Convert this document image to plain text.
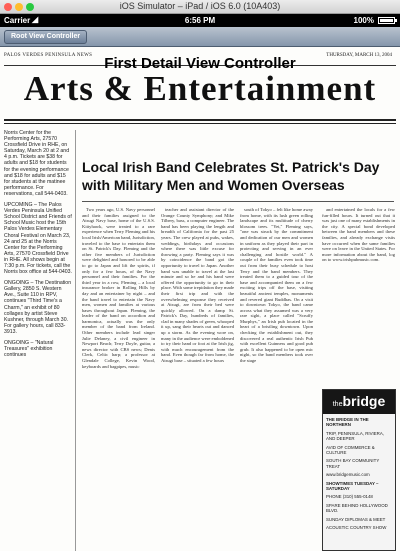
iOS Simulator – iPad / iOS 6.0 (10A403)
Carrier ◢	6:56 PM	100%
Root View Controller
PALOS VERDES PENINSULA NEWS	THURSDAY, MARCH 13, 2004
Arts & Entertainment

Norris Center for the Performing Arts, 27570 Crossfield Drive in RHE, on Saturday, March 20 at 2 and 4 p.m. Tickets are $38 for adults and $18 for students for the evening performance and $18 for adults and $15 for students at the matinee performance. For reservations, call 544-0403.

UPCOMING – The Palos Verdes Peninsula Unified School District and Friends of School Music host the 15th Palos Verdes Elementary Choral Festival on March 23, 24 and 25 at the Norris Center for the Performing Arts, 27570 Crossfield Drive in RHE. All shows begin at 7:30 p.m. For tickets, call the Norris box office at 544-0403.

ONGOING – The Destination Gallery, 2850 S. Western Ave., Suite 110 in RPV, continues "Third Time's a Charm," an exhibit of 80 collages by artist Steve Kushner, through March 30. For gallery hours, call 833-3913.

ONGOING – "Natural Treasures" exhibition continues

Local Irish Band Celebrates St. Patrick's Day with Military Men and Women Overseas

Two years ago, U.S. Navy personnel and their families assigned to the Atsugi Navy base, home of the U.S.S. Kittyhawk, were treated to a rare experience when Terry Fleming and his local Irish/American band, Jurisdiction, traveled to the base to entertain them on St. Patrick's Day. Fleming and the other five members of Jurisdiction were delighted and honored to be able to go to Japan and lift the spirits, if only for a few hours, of the Navy personnel and their families. For the third year in a row, Fleming – a local insurance broker in Rolling Hills by day and an entertainer by night – and the band travel to entertain the Navy men, women and families at various bases throughout Japan. Fleming, the leader of the band on accordion and harmonica, actually was the only member of the band from Ireland. Other members include lead singer Julie Delaney, a civil engineer in Newport Beach; Terry Doyle, guitar, a news director with CBS news; Denis Clerk, Celtic harp; a professor at Glendale College, Kevin Wood, keyboards and bagpipes, music

teacher and assistant director of the Orange County Symphony; and Mike Tilbery, bass, a computer engineer. The band has been playing the length and breadth of California for the past 25 years. The crew played at pubs, wakes, weddings, birthdays and occasions where there was little excuse for throwing a party. Fleming says it was by coincidence the band got the opportunity to travel to Japan. Another band was unable to travel at the last minute and so he and his band were offered the opportunity to go in their place. With some trepidation they made their first trip and with the overwhelming response they received at Atsugi, are from their bed were quickly allowed. On a damp St. Patrick's Day, hundreds of families, clad in many shades of green, whooped it up, sang their hearts out and danced up a storm. As the evening wore on, many in the audience were emboldened to try their hand or foot at the Irish jig, with much encouragement from the band. Even though far from home, the Atsugi base – situated a few hours

south of Tokyo – felt like home away from home, with its lush green rolling landscape and its multitude of cherry blossom trees. "Yet," Fleming says, "one was struck by the commitment and dedication of our men and women in uniform as they played their part in protecting and serving in an ever challenging and hostile world." A couple of the families even took time out from their busy schedule to host Terry and the band members. They treated them to a guided tour of the base and accompanied them on a few exciting trips off the base, visiting beautiful ancient temples, monuments and revered giant Buddhas. On a visit to downtown Tokyo, the band came across what they assumed was a very rare sight, a place called "Scruffy Murphys," an Irish pub located in the heart of a bristling downtown. Upon checking the establishment out, they discovered a real authentic Irish Pub with excellent Guinness and good pub grub. It also happened to be open mic night, so the band members took over the stage

and entertained the locals for a few fun-filled hours. It turned out that it was just one of many establishments in the city. A special bond developed between the band members and these families, and already exchange visits have occurred when the same families were on leave in the United States. For more information about the band, log on to www.irishpubmusic.com.

thebridge
THE BRIDGE IN THE NORTHERN
TRIP, PENINSULA, RIVIERA, AND DEEPER
AVID OF COMMERCE & CULTURE
SOUTH BAY COMMUNITY TREAT
www.bridgemusic.com
SHOWTIMES TUESDAY – SATURDAY
PHONE (310) 555-0148
SPARE BEHIND HOLLYWOOD BLVD.
SUNDAY DIPLOMAS & MEET
ACOUSTIC COUNTRY SHOW
First Detail View Controller
